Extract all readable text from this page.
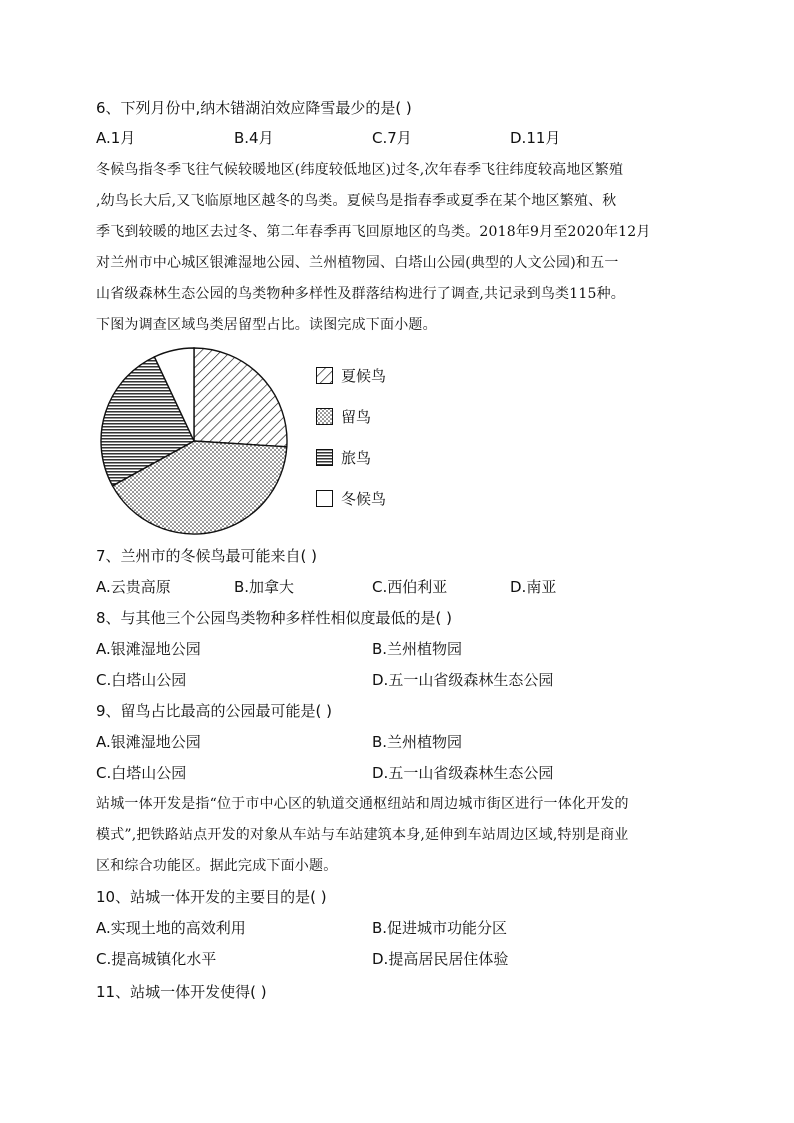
6、下列月份中,纳木错湖泊效应降雪最少的是( )
A.1月	B.4月	C.7月	D.11月
冬候鸟指冬季飞往气候较暖地区(纬度较低地区)过冬,次年春季飞往纬度较高地区繁殖
,幼鸟长大后,又飞临原地区越冬的鸟类。夏候鸟是指春季或夏季在某个地区繁殖、秋
季飞到较暖的地区去过冬、第二年春季再飞回原地区的鸟类。2018年9月至2020年12月
对兰州市中心城区银滩湿地公园、兰州植物园、白塔山公园(典型的人文公园)和五一
山省级森林生态公园的鸟类物种多样性及群落结构进行了调查,共记录到鸟类115种。
下图为调查区域鸟类居留型占比。读图完成下面小题。
夏候鸟
留鸟
旅鸟
冬候鸟
7、兰州市的冬候鸟最可能来自( )
A.云贵高原	B.加拿大	C.西伯利亚	D.南亚
8、与其他三个公园鸟类物种多样性相似度最低的是( )
A.银滩湿地公园	B.兰州植物园
C.白塔山公园	D.五一山省级森林生态公园
9、留鸟占比最高的公园最可能是( )
A.银滩湿地公园	B.兰州植物园
C.白塔山公园	D.五一山省级森林生态公园
站城一体开发是指“位于市中心区的轨道交通枢纽站和周边城市街区进行一体化开发的
模式”,把铁路站点开发的对象从车站与车站建筑本身,延伸到车站周边区域,特别是商业
区和综合功能区。据此完成下面小题。
10、站城一体开发的主要目的是( )
A.实现土地的高效利用	B.促进城市功能分区
C.提高城镇化水平	D.提高居民居住体验
11、站城一体开发使得( )
